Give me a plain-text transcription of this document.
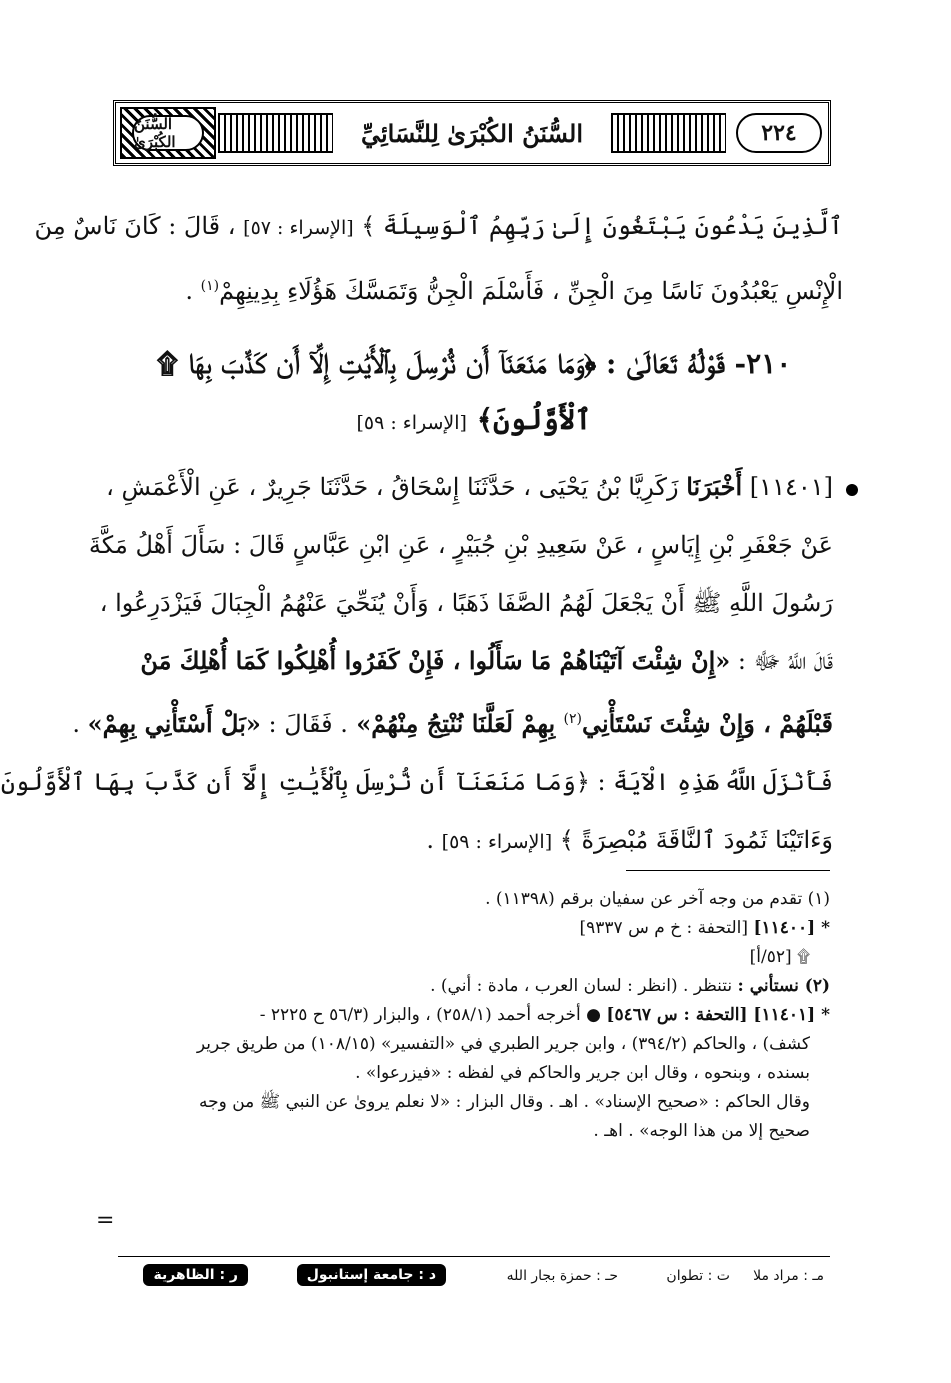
السُّنَنُ الكُبْرَىٰ	السُّنَنُ الكُبْرَىٰ لِلنَّسَائِيِّ	٢٢٤
ٱلَّذِينَ يَدْعُونَ يَبْتَغُونَ إِلَىٰ رَبِّهِمُ ٱلْوَسِيلَةَ ﴾ [الإسراء : ٥٧] ، قَالَ : كَانَ نَاسٌ مِنَ
الْإِنْسِ يَعْبُدُونَ نَاسًا مِنَ الْجِنِّ ، فَأَسْلَمَ الْجِنُّ وَتَمَسَّكَ هَؤُلَاءِ بِدِينِهِمْ$^{(١)}$ .
٢١٠- قَوْلُهُ تَعَالَىٰ : ﴿وَمَا مَنَعَنَآ أَن نُّرْسِلَ بِٱلْأَيَٰتِ إِلَّآ أَن كَذَّبَ بِهَا ۩
ٱلْأَوَّلُونَ﴾ [الإسراء : ٥٩]
[١١٤٠١] أَخْبَرَنَا زَكَرِيَّا بْنُ يَحْيَى ، حَدَّثَنَا إِسْحَاقُ ، حَدَّثَنَا جَرِيرٌ ، عَنِ الْأَعْمَشِ ،
عَنْ جَعْفَرِ بْنِ إِيَاسٍ ، عَنْ سَعِيدِ بْنِ جُبَيْرٍ ، عَنِ ابْنِ عَبَّاسٍ قَالَ : سَأَلَ أَهْلُ مَكَّةَ
رَسُولَ اللَّهِ ﷺ أَنْ يَجْعَلَ لَهُمُ الصَّفَا ذَهَبًا ، وَأَنْ يُنَحِّيَ عَنْهُمُ الْجِبَالَ فَيَزْدَرِعُوا ،
قَالَ اللَّهُ ﷻ : «إِنْ شِئْتَ آتَيْنَاهُمْ مَا سَأَلُوا ، فَإِنْ كَفَرُوا أُهْلِكُوا كَمَا أُهْلِكَ مَنْ
قَبْلَهُمْ ، وَإِنْ شِئْتَ نَسْتَأْنِي$^{(٢)}$ بِهِمْ لَعَلَّنَا نُنْتِجُ مِنْهُمْ» . فَقَالَ : «بَلْ أَسْتَأْنِي بِهِمْ» .
فَأَنْزَلَ اللَّهُ هَذِهِ الْآيَةَ : ﴿وَمَا مَنَعَنَآ أَن نُّرْسِلَ بِٱلْأَيَٰتِ إِلَّآ أَن كَذَّبَ بِهَا ٱلْأَوَّلُونَ
وَءَاتَيْنَا ثَمُودَ ٱلنَّاقَةَ مُبْصِرَةً ﴾ [الإسراء : ٥٩] .
(١) تقدم من وجه آخر عن سفيان برقم (١١٣٩٨) .
* [١١٤٠٠] [التحفة : خ م س ٩٣٣٧]
۩ [٥٢/أ]
(٢) نستأني : نتنظر . (انظر : لسان العرب ، مادة : أني) .
* [١١٤٠١] [التحفة : س ٥٤٦٧] ● أخرجه أحمد (٢٥٨/١) ، والبزار (٥٦/٣ ح ٢٢٢٥ -
كشف) ، والحاكم (٣٩٤/٢) ، وابن جرير الطبري في «التفسير» (١٠٨/١٥) من طريق جرير
بسنده ، وبنحوه ، وقال ابن جرير والحاكم في لفظه : «فيزرعوا» .
وقال الحاكم : «صحيح الإسناد» . اهـ . وقال البزار : «لا نعلم يروىٰ عن النبي ﷺ من وجه
صحيح إلا من هذا الوجه» . اهـ .
=
مـ : مراد ملا
ت : تطوان
حـ : حمزة بجار الله
د : جامعة إستانبول
ر : الظاهرية
